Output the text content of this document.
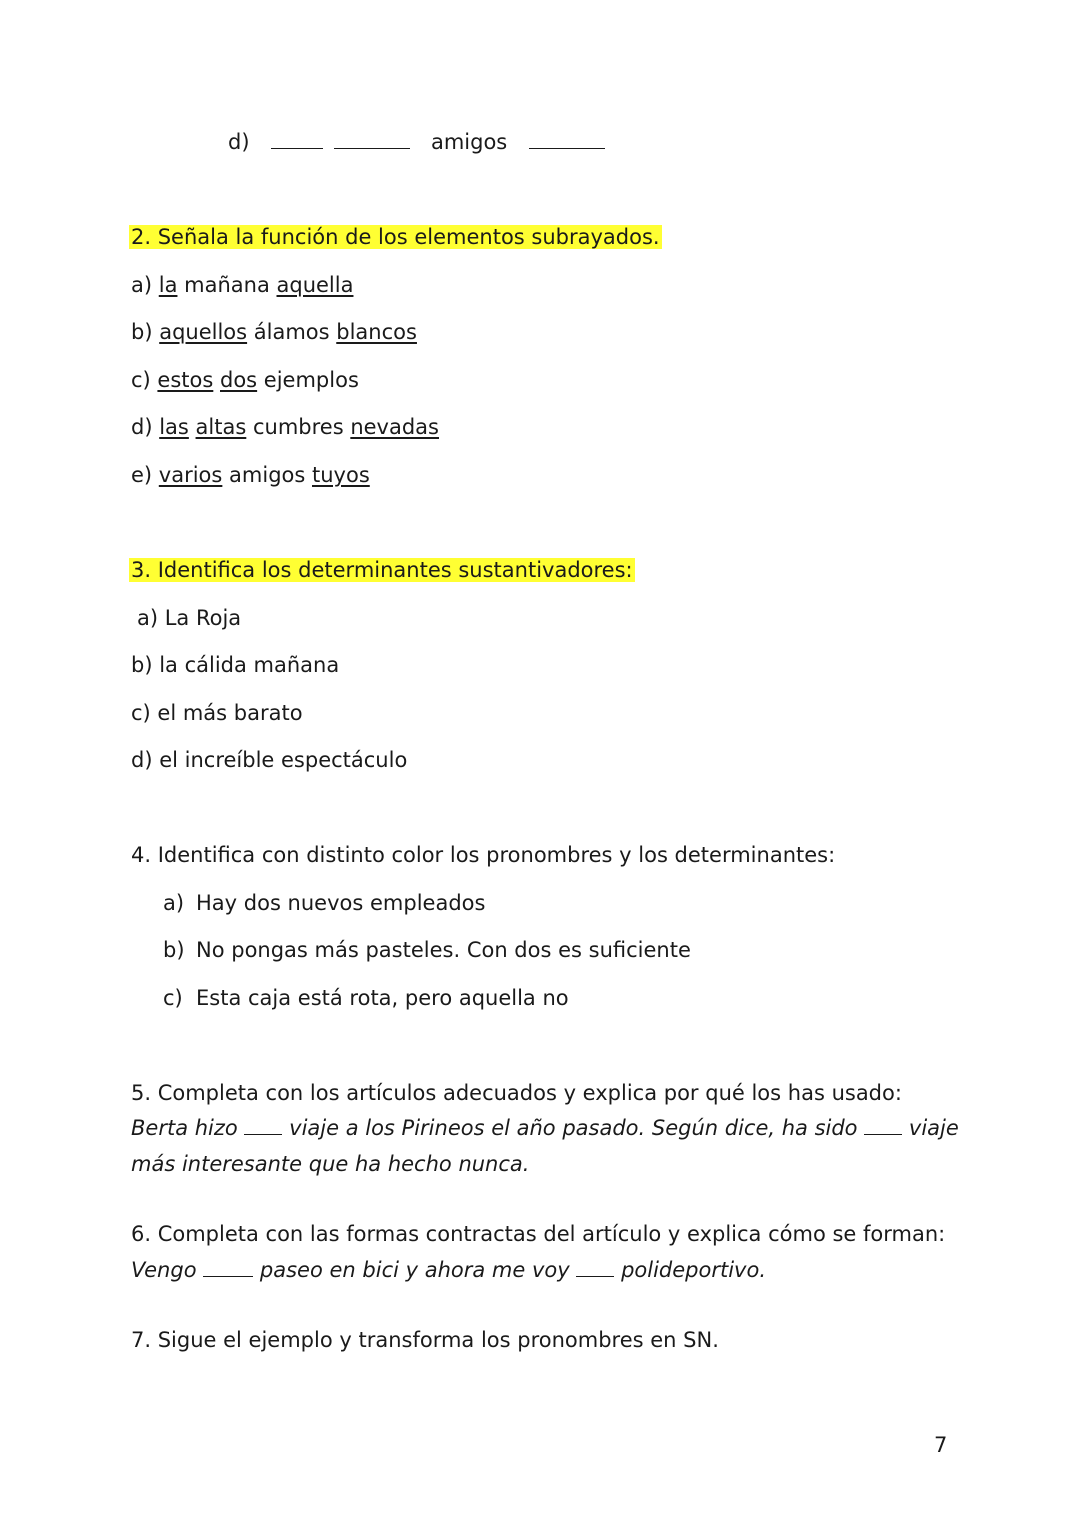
d)	amigos
2. Señala la función de los elementos subrayados.
a) la mañana aquella
b) aquellos álamos blancos
c) estos dos ejemplos
d) las altas cumbres nevadas
e) varios amigos tuyos
3. Identifica los determinantes sustantivadores:
a) La Roja
b) la cálida mañana
c) el más barato
d) el increíble espectáculo
4. Identifica con distinto color los pronombres y los determinantes:
a) Hay dos nuevos empleados
b) No pongas más pasteles. Con dos es suficiente
c) Esta caja está rota, pero aquella no
5. Completa con los artículos adecuados y explica por qué los has usado:
Berta hizo viaje a los Pirineos el año pasado. Según dice, ha sido viaje
más interesante que ha hecho nunca.
6. Completa con las formas contractas del artículo y explica cómo se forman:
Vengo	paseo en bici y ahora me voy polideportivo.
7. Sigue el ejemplo y transforma los pronombres en SN.
7
